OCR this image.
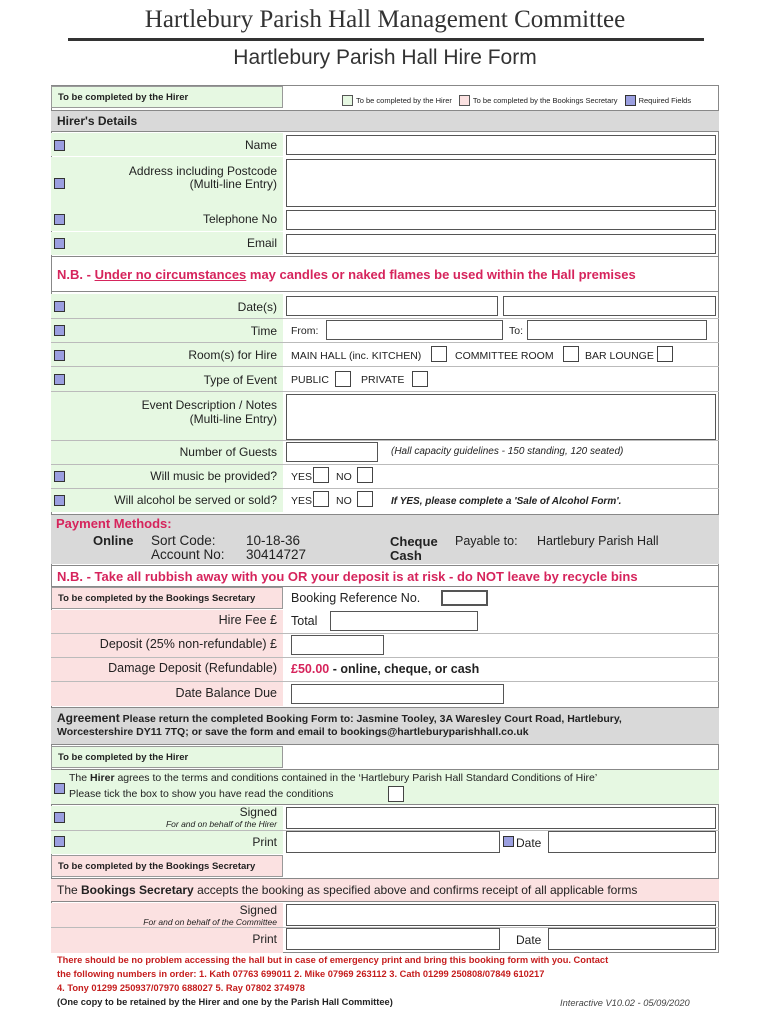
Hartlebury Parish Hall Management Committee
Hartlebury Parish Hall Hire Form
To be completed by the Hirer	To be completed by the Hirer	To be completed by the Bookings Secretary	Required Fields
Hirer's Details
Name
Address including Postcode
(Multi-line Entry)
Telephone No
Email
N.B. - Under no circumstances may candles or naked flames be used within the Hall premises
Date(s)
Time From:	To:
Room(s) for Hire MAIN HALL (inc. KITCHEN)	COMMITTEE ROOM	BAR LOUNGE
Type of Event PUBLIC	PRIVATE
Event Description / Notes
(Multi-line Entry)
Number of Guests	(Hall capacity guidelines - 150 standing, 120 seated)
Will music be provided? YES NO
Will alcohol be served or sold? YES NO	If YES, please complete a 'Sale of Alcohol Form'.
Payment Methods:
Online Sort Code: 10-18-36
Account No: 30414727
Cheque
Cash
Payable to: Hartlebury Parish Hall
N.B. - Take all rubbish away with you OR your deposit is at risk - do NOT leave by recycle bins
To be completed by the Bookings Secretary	Booking Reference No.
Hire Fee £ Total
Deposit (25% non-refundable) £
Damage Deposit (Refundable) £50.00 - online, cheque, or cash
Date Balance Due
Agreement Please return the completed Booking Form to: Jasmine Tooley, 3A Waresley Court Road, Hartlebury,
Worcestershire DY11 7TQ; or save the form and email to bookings@hartleburyparishhall.co.uk
To be completed by the Hirer
The Hirer agrees to the terms and conditions contained in the ‘Hartlebury Parish Hall Standard Conditions of Hire’
Please tick the box to show you have read the conditions
Signed
For and on behalf of the Hirer
Print	Date
To be completed by the Bookings Secretary
The Bookings Secretary accepts the booking as specified above and confirms receipt of all applicable forms
Signed
For and on behalf of the Committee
Print	Date
There should be no problem accessing the hall but in case of emergency print and bring this booking form with you. Contact
the following numbers in order: 1. Kath 07763 699011 2. Mike 07969 263112 3. Cath 01299 250808/07849 610217
4. Tony 01299 250937/07970 688027 5. Ray 07802 374978
(One copy to be retained by the Hirer and one by the Parish Hall Committee)	Interactive V10.02 - 05/09/2020
